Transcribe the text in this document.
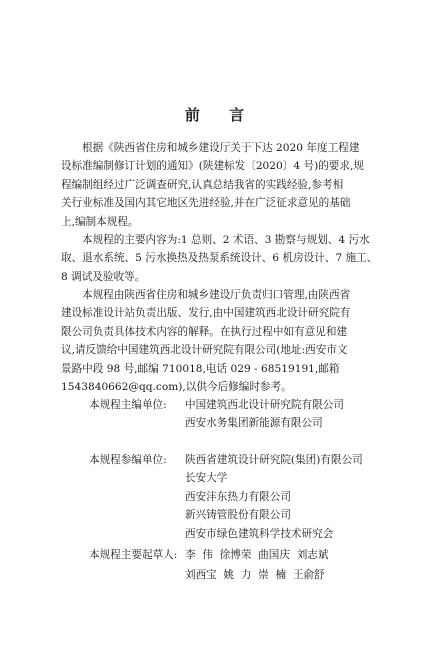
前 言
根据《陕西省住房和城乡建设厅关于下达 2020 年度工程建
设标准编制修订计划的通知》(陕建标发〔2020〕4 号)的要求,规
程编制组经过广泛调查研究,认真总结我省的实践经验,参考相
关行业标准及国内其它地区先进经验,并在广泛征求意见的基础
上,编制本规程。
本规程的主要内容为:1 总则、2 术语、3 勘察与规划、4 污水
取、退水系统、5 污水换热及热泵系统设计、6 机房设计、7 施工、
8 调试及验收等。
本规程由陕西省住房和城乡建设厅负责归口管理,由陕西省
建设标准设计站负责出版、发行,由中国建筑西北设计研究院有
限公司负责具体技术内容的解释。在执行过程中如有意见和建
议,请反馈给中国建筑西北设计研究院有限公司(地址:西安市文
景路中段 98 号,邮编 710018,电话 029 - 68519191,邮箱
1543840662@qq.com),以供今后修编时参考。
本规程主编单位: 中国建筑西北设计研究院有限公司
西安水务集团新能源有限公司
本规程参编单位: 陕西省建筑设计研究院(集团)有限公司
长安大学
西安沣东热力有限公司
新兴铸管股份有限公司
西安市绿色建筑科学技术研究会
本规程主要起草人: 李  伟  徐博荣  曲国庆  刘志斌
刘西宝  姚  力  崇  楠  王俞舒
